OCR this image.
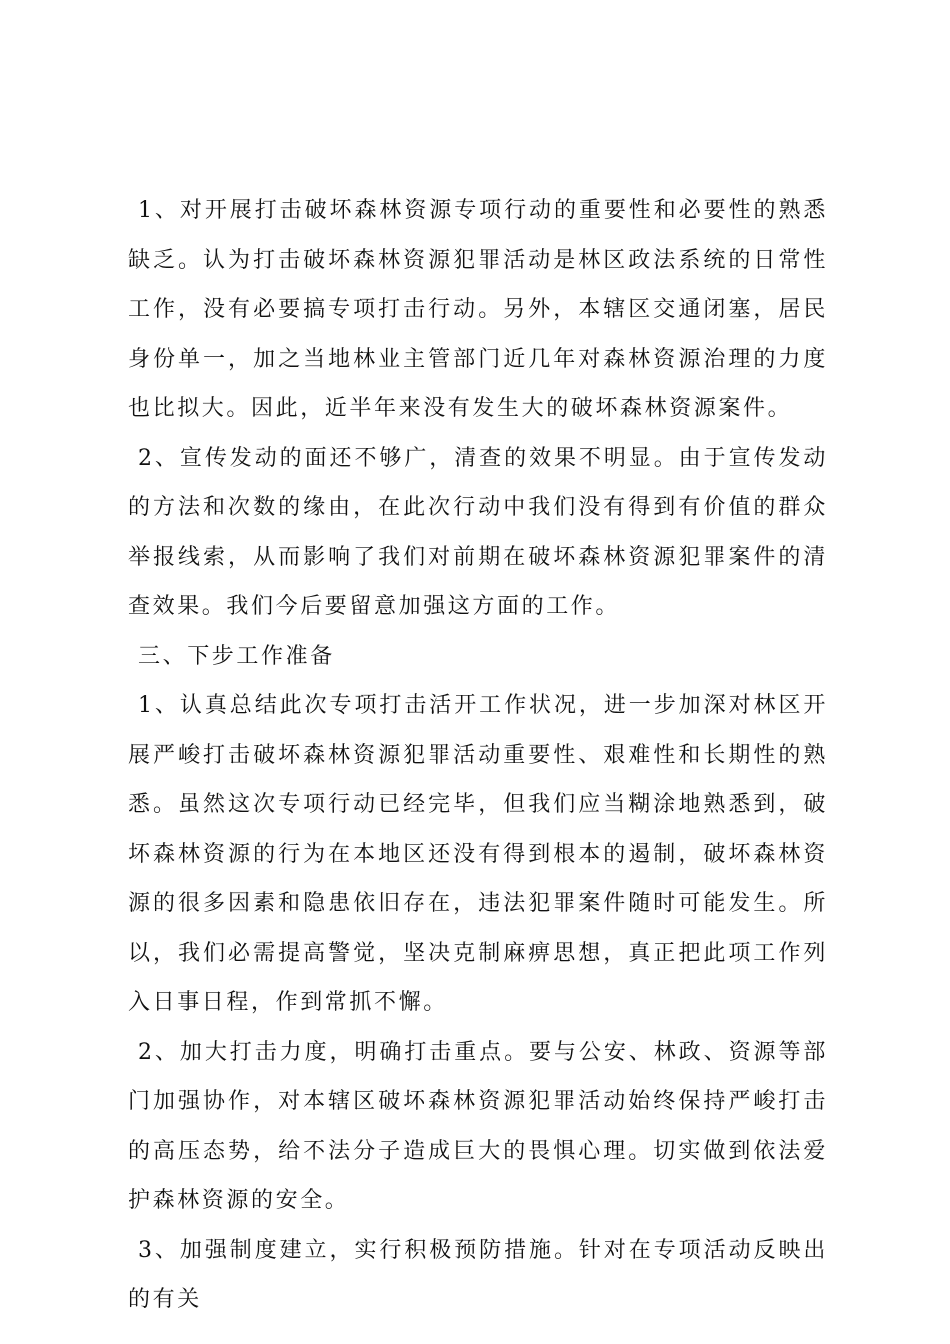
1、对开展打击破坏森林资源专项行动的重要性和必要性的熟悉缺乏。认为打击破坏森林资源犯罪活动是林区政法系统的日常性工作，没有必要搞专项打击行动。另外，本辖区交通闭塞，居民身份单一，加之当地林业主管部门近几年对森林资源治理的力度也比拟大。因此，近半年来没有发生大的破坏森林资源案件。

2、宣传发动的面还不够广，清查的效果不明显。由于宣传发动的方法和次数的缘由，在此次行动中我们没有得到有价值的群众举报线索，从而影响了我们对前期在破坏森林资源犯罪案件的清查效果。我们今后要留意加强这方面的工作。

三、下步工作准备

1、认真总结此次专项打击活开工作状况，进一步加深对林区开展严峻打击破坏森林资源犯罪活动重要性、艰难性和长期性的熟悉。虽然这次专项行动已经完毕，但我们应当糊涂地熟悉到，破坏森林资源的行为在本地区还没有得到根本的遏制，破坏森林资源的很多因素和隐患依旧存在，违法犯罪案件随时可能发生。所以，我们必需提高警觉，坚决克制麻痹思想，真正把此项工作列入日事日程，作到常抓不懈。

2、加大打击力度，明确打击重点。要与公安、林政、资源等部门加强协作，对本辖区破坏森林资源犯罪活动始终保持严峻打击的高压态势，给不法分子造成巨大的畏惧心理。切实做到依法爱护森林资源的安全。

3、加强制度建立，实行积极预防措施。针对在专项活动反映出的有关
